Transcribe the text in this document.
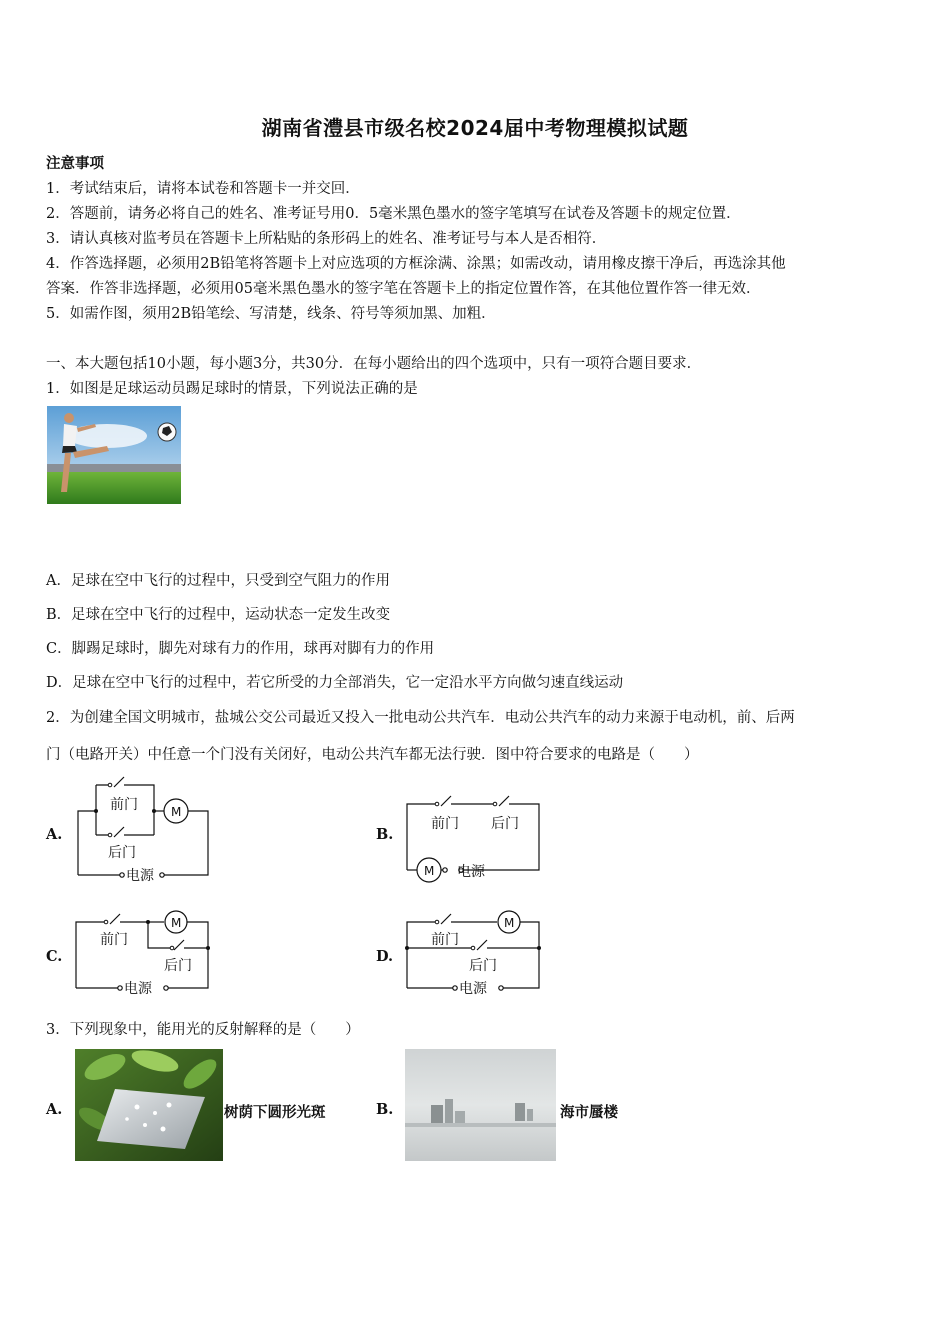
湖南省澧县市级名校2024届中考物理模拟试题
注意事项
1．考试结束后，请将本试卷和答题卡一并交回．
2．答题前，请务必将自己的姓名、准考证号用0．5毫米黑色墨水的签字笔填写在试卷及答题卡的规定位置．
3．请认真核对监考员在答题卡上所粘贴的条形码上的姓名、准考证号与本人是否相符．
4．作答选择题，必须用2B铅笔将答题卡上对应选项的方框涂满、涂黑；如需改动，请用橡皮擦干净后，再选涂其他
答案．作答非选择题，必须用05毫米黑色墨水的签字笔在答题卡上的指定位置作答，在其他位置作答一律无效．
5．如需作图，须用2B铅笔绘、写清楚，线条、符号等须加黑、加粗．
一、本大题包括10小题，每小题3分，共30分．在每小题给出的四个选项中，只有一项符合题目要求．
1．如图是足球运动员踢足球时的情景，下列说法正确的是
A．足球在空中飞行的过程中，只受到空气阻力的作用
B．足球在空中飞行的过程中，运动状态一定发生改变
C．脚踢足球时，脚先对球有力的作用，球再对脚有力的作用
D．足球在空中飞行的过程中，若它所受的力全部消失，它一定沿水平方向做匀速直线运动
2．为创建全国文明城市，盐城公交公司最近又投入一批电动公共汽车．电动公共汽车的动力来源于电动机，前、后两
门（电路开关）中任意一个门没有关闭好，电动公共汽车都无法行驶．图中符合要求的电路是（　　）
A.
前门
后门
M
电源
B.
前门 后门
M 电源
C.
前门
后门
M
电源
D.
前门
后门
M
电源
3．下列现象中，能用光的反射解释的是（　　）
A.	树荫下圆形光斑	B.	海市蜃楼
